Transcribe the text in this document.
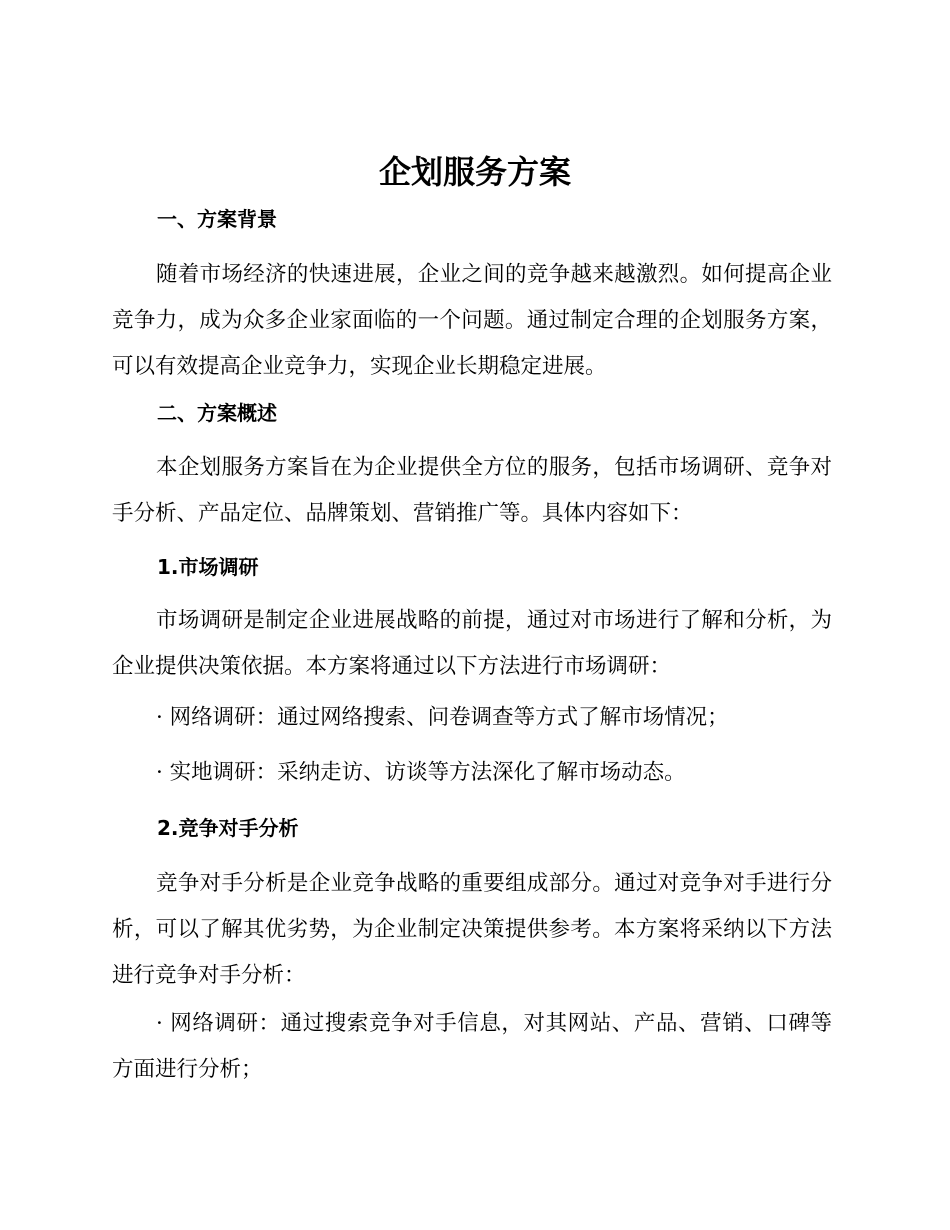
企划服务方案
一、方案背景

随着市场经济的快速进展，企业之间的竞争越来越激烈。如何提高企业竞争力，成为众多企业家面临的一个问题。通过制定合理的企划服务方案，可以有效提高企业竞争力，实现企业长期稳定进展。

二、方案概述

本企划服务方案旨在为企业提供全方位的服务，包括市场调研、竞争对手分析、产品定位、品牌策划、营销推广等。具体内容如下：

1.市场调研

市场调研是制定企业进展战略的前提，通过对市场进行了解和分析，为企业提供决策依据。本方案将通过以下方法进行市场调研：

· 网络调研：通过网络搜索、问卷调查等方式了解市场情况；

· 实地调研：采纳走访、访谈等方法深化了解市场动态。

2.竞争对手分析

竞争对手分析是企业竞争战略的重要组成部分。通过对竞争对手进行分析，可以了解其优劣势，为企业制定决策提供参考。本方案将采纳以下方法进行竞争对手分析：

· 网络调研：通过搜索竞争对手信息，对其网站、产品、营销、口碑等方面进行分析；
